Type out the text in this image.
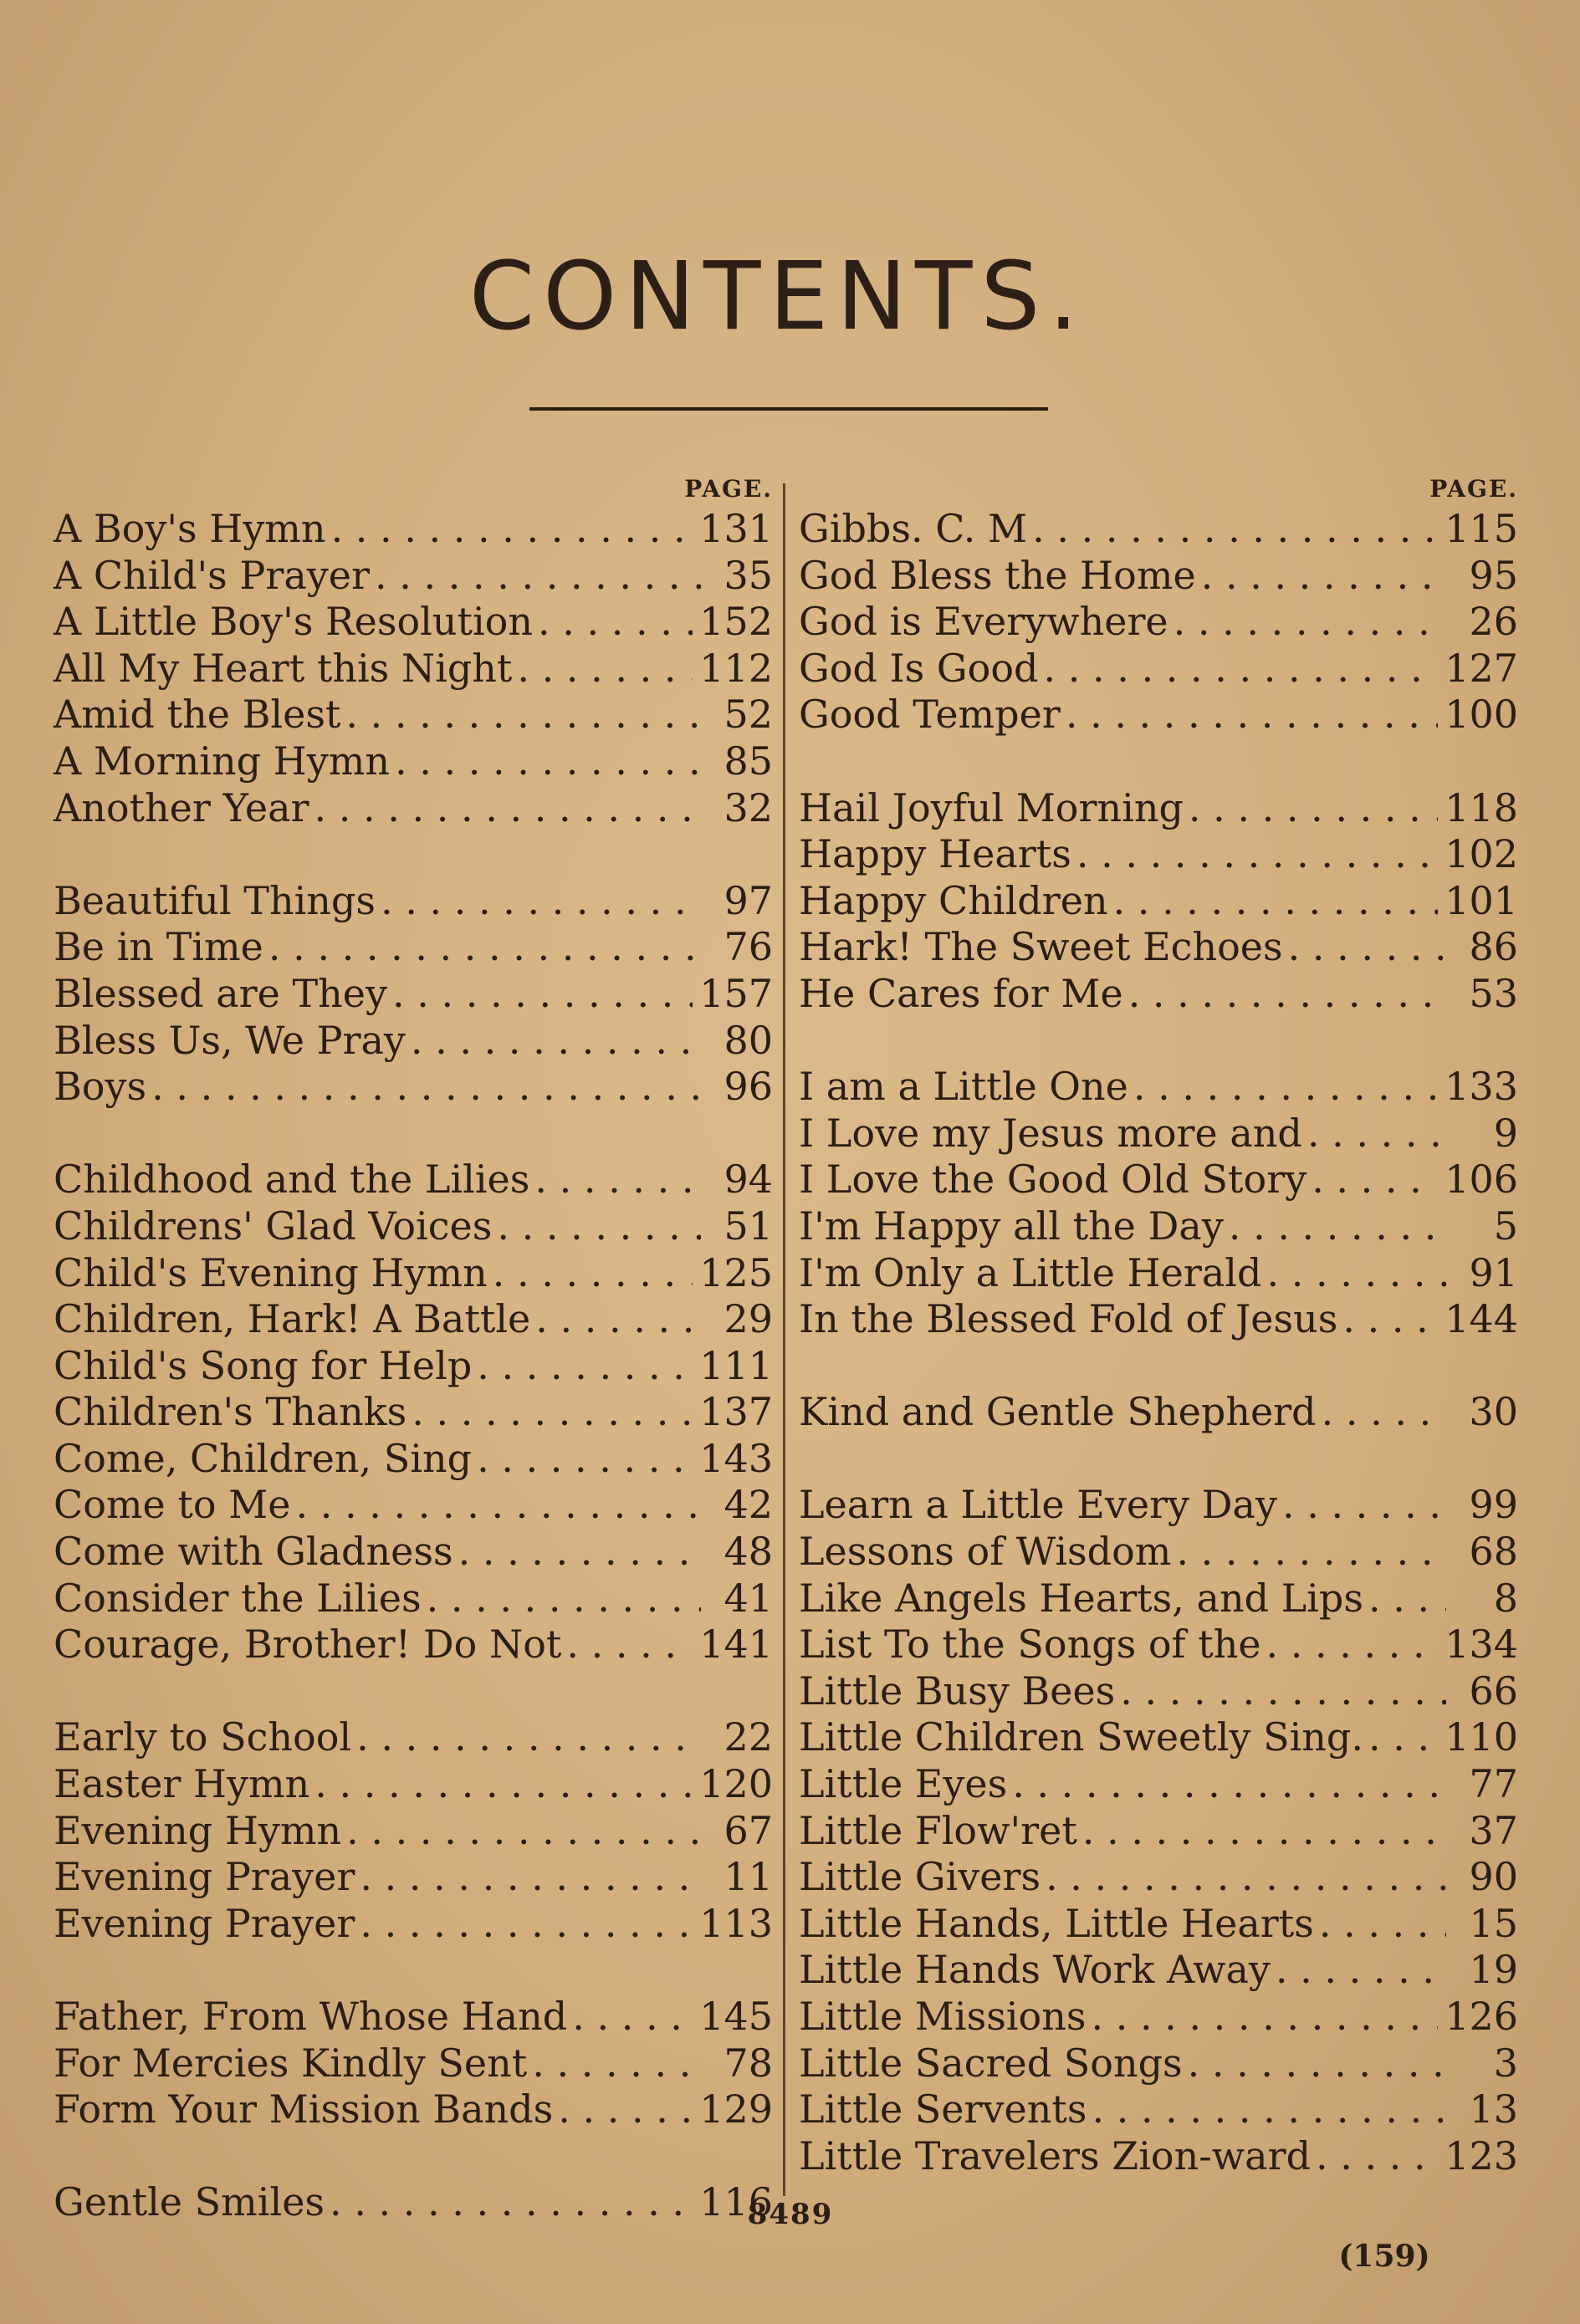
CONTENTS.
PAGE.
A Boy's Hymn . . .	131
A Child's Prayer . . .	35
A Little Boy's Resolution . . .	152
All My Heart this Night . . .	112
Amid the Blest . . .	52
A Morning Hymn . . .	85
Another Year . . .	32
Beautiful Things . . .	97
Be in Time . . .	76
Blessed are They . . .	157
Bless Us, We Pray . . .	80
Boys . . .	96
Childhood and the Lilies . . .	94
Childrens' Glad Voices . . .	51
Child's Evening Hymn . . .	125
Children, Hark! A Battle . . .	29
Child's Song for Help . . .	111
Children's Thanks . . .	137
Come, Children, Sing . . .	143
Come to Me . . .	42
Come with Gladness . . .	48
Consider the Lilies . . .	41
Courage, Brother! Do Not . . .	141
Early to School . . .	22
Easter Hymn . . .	120
Evening Hymn . . .	67
Evening Prayer . . .	11
Evening Prayer . . .	113
Father, From Whose Hand . . .	145
For Mercies Kindly Sent . . .	78
Form Your Mission Bands . . .	129
Gentle Smiles . . .	116
PAGE.
Gibbs. C. M . . .	115
God Bless the Home . . .	95
God is Everywhere . . .	26
God Is Good . . .	127
Good Temper . . .	100
Hail Joyful Morning . . .	118
Happy Hearts . . .	102
Happy Children . . .	101
Hark! The Sweet Echoes . . .	86
He Cares for Me . . .	53
I am a Little One . . .	133
I Love my Jesus more and . . .	9
I Love the Good Old Story . . .	106
I'm Happy all the Day . . .	5
I'm Only a Little Herald . . .	91
In the Blessed Fold of Jesus . . .	144
Kind and Gentle Shepherd . . .	30
Learn a Little Every Day . . .	99
Lessons of Wisdom . . .	68
Like Angels Hearts, and Lips . . .	8
List To the Songs of the . . .	134
Little Busy Bees . . .	66
Little Children Sweetly Sing. . . . 110
Little Eyes . . .	77
Little Flow'ret . . .	37
Little Givers . . .	90
Little Hands, Little Hearts . . .	15
Little Hands Work Away . . .	19
Little Missions . . .	126
Little Sacred Songs . . .	3
Little Servents . . .	13
Little Travelers Zion-ward . . .	123
8489
(159)
